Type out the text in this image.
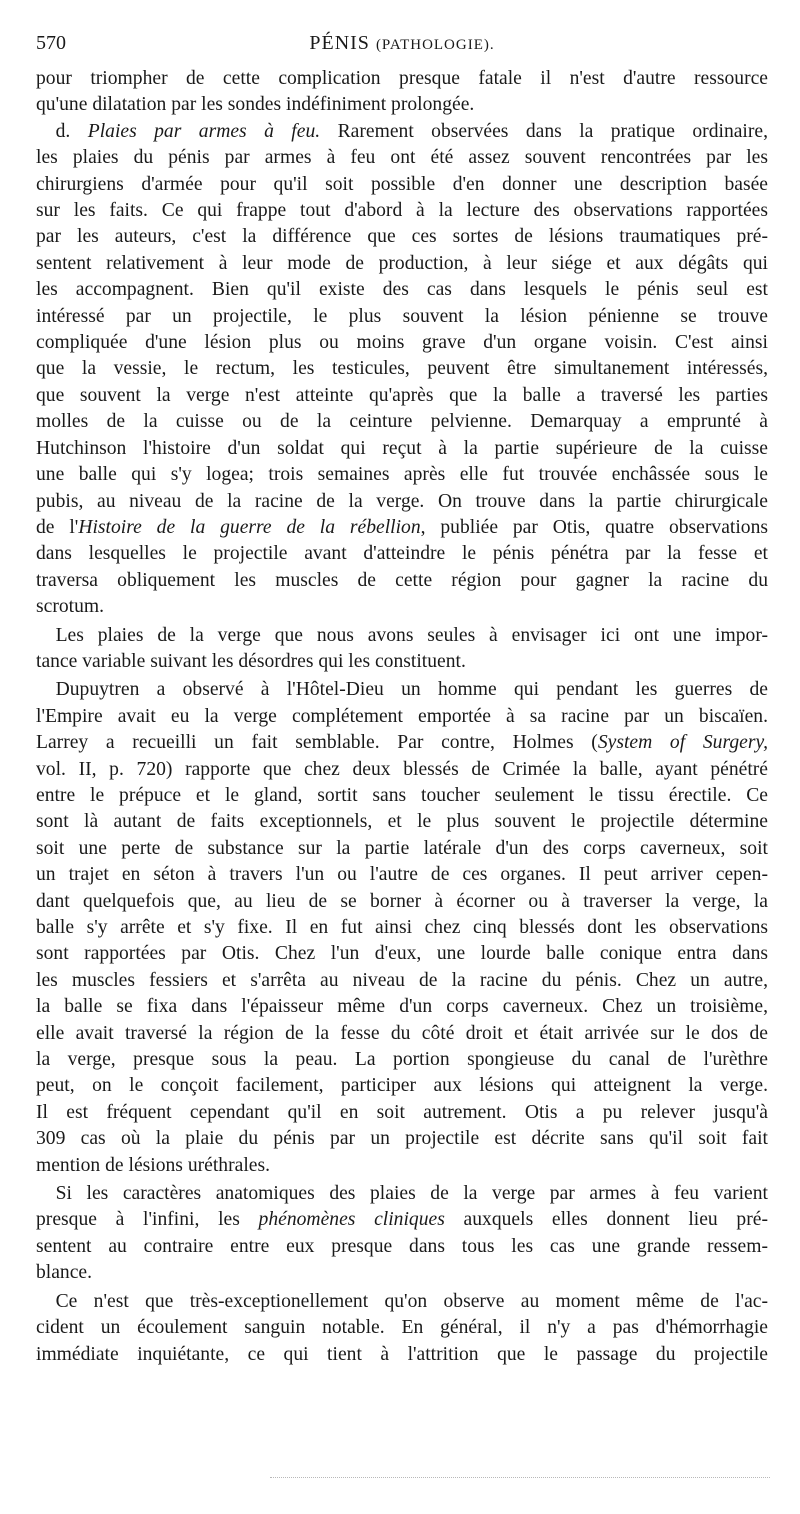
570	PÉNIS (PATHOLOGIE).

pour triompher de cette complication presque fatale il n'est d'autre ressource
qu'une dilatation par les sondes indéfiniment prolongée.

 d. Plaies par armes à feu. Rarement observées dans la pratique ordinaire,
les plaies du pénis par armes à feu ont été assez souvent rencontrées par les
chirurgiens d'armée pour qu'il soit possible d'en donner une description basée
sur les faits. Ce qui frappe tout d'abord à la lecture des observations rapportées
par les auteurs, c'est la différence que ces sortes de lésions traumatiques pré-
sentent relativement à leur mode de production, à leur siége et aux dégâts qui
les accompagnent. Bien qu'il existe des cas dans lesquels le pénis seul est
intéressé par un projectile, le plus souvent la lésion pénienne se trouve
compliquée d'une lésion plus ou moins grave d'un organe voisin. C'est ainsi
que la vessie, le rectum, les testicules, peuvent être simultanement intéressés,
que souvent la verge n'est atteinte qu'après que la balle a traversé les parties
molles de la cuisse ou de la ceinture pelvienne. Demarquay a emprunté à
Hutchinson l'histoire d'un soldat qui reçut à la partie supérieure de la cuisse
une balle qui s'y logea; trois semaines après elle fut trouvée enchâssée sous le
pubis, au niveau de la racine de la verge. On trouve dans la partie chirurgicale
de l'Histoire de la guerre de la rébellion, publiée par Otis, quatre observations
dans lesquelles le projectile avant d'atteindre le pénis pénétra par la fesse et
traversa obliquement les muscles de cette région pour gagner la racine du
scrotum.

 Les plaies de la verge que nous avons seules à envisager ici ont une impor-
tance variable suivant les désordres qui les constituent.

 Dupuytren a observé à l'Hôtel-Dieu un homme qui pendant les guerres de
l'Empire avait eu la verge complétement emportée à sa racine par un biscaïen.
Larrey a recueilli un fait semblable. Par contre, Holmes (System of Surgery,
vol. II, p. 720) rapporte que chez deux blessés de Crimée la balle, ayant pénétré
entre le prépuce et le gland, sortit sans toucher seulement le tissu érectile. Ce
sont là autant de faits exceptionnels, et le plus souvent le projectile détermine
soit une perte de substance sur la partie latérale d'un des corps caverneux, soit
un trajet en séton à travers l'un ou l'autre de ces organes. Il peut arriver cepen-
dant quelquefois que, au lieu de se borner à écorner ou à traverser la verge, la
balle s'y arrête et s'y fixe. Il en fut ainsi chez cinq blessés dont les observations
sont rapportées par Otis. Chez l'un d'eux, une lourde balle conique entra dans
les muscles fessiers et s'arrêta au niveau de la racine du pénis. Chez un autre,
la balle se fixa dans l'épaisseur même d'un corps caverneux. Chez un troisième,
elle avait traversé la région de la fesse du côté droit et était arrivée sur le dos de
la verge, presque sous la peau. La portion spongieuse du canal de l'urèthre
peut, on le conçoit facilement, participer aux lésions qui atteignent la verge.
Il est fréquent cependant qu'il en soit autrement. Otis a pu relever jusqu'à
309 cas où la plaie du pénis par un projectile est décrite sans qu'il soit fait
mention de lésions uréthrales.

 Si les caractères anatomiques des plaies de la verge par armes à feu varient
presque à l'infini, les phénomènes cliniques auxquels elles donnent lieu pré-
sentent au contraire entre eux presque dans tous les cas une grande ressem-
blance.

 Ce n'est que très-exceptionellement qu'on observe au moment même de l'ac-
cident un écoulement sanguin notable. En général, il n'y a pas d'hémorrhagie
immédiate inquiétante, ce qui tient à l'attrition que le passage du projectile
